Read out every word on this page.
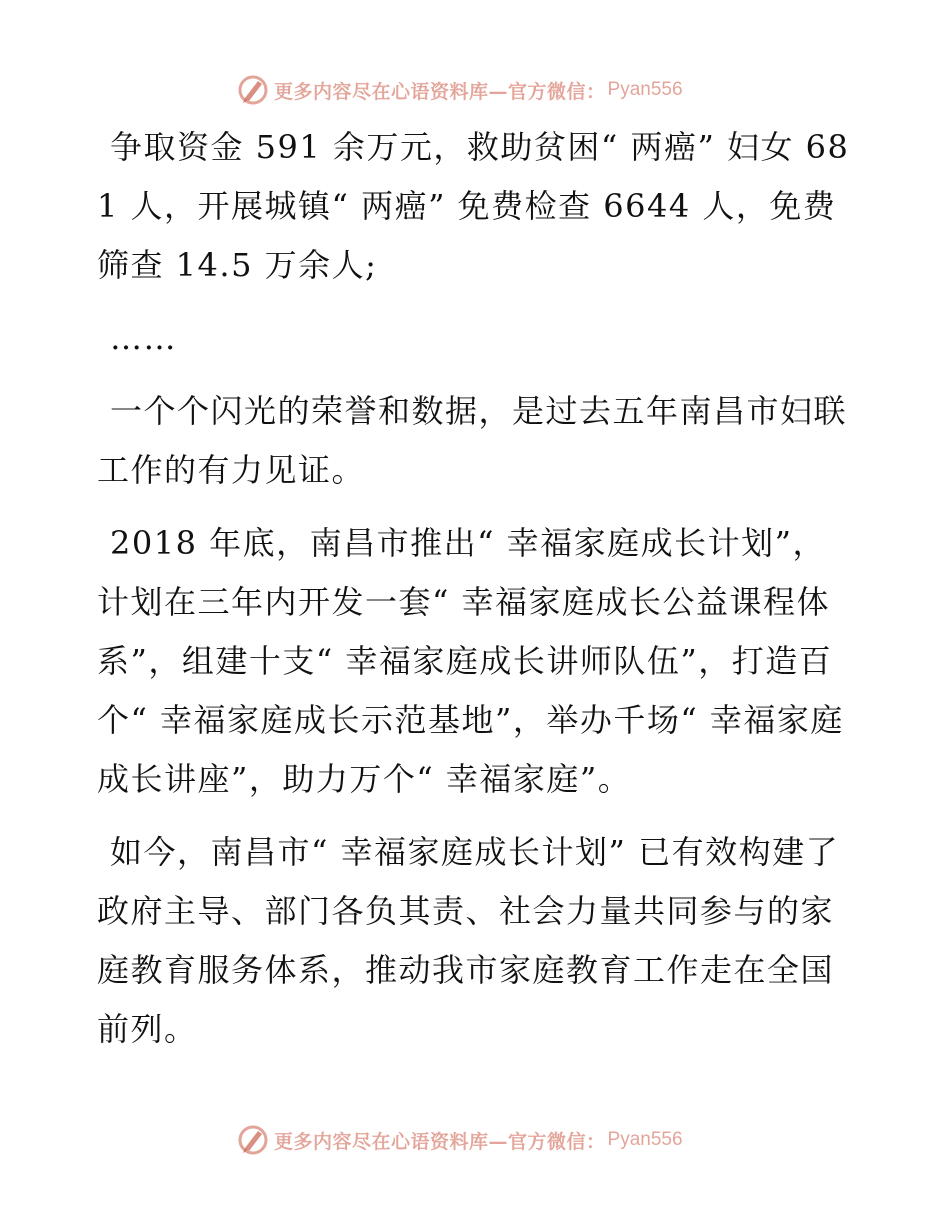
更多内容尽在心语资料库—官方微信： Pyan556

争取资金 591 余万元，救助贫困“ 两癌” 妇女 681 人，开展城镇“ 两癌” 免费检查 6644 人，免费筛查 14.5 万余人;

……

一个个闪光的荣誉和数据，是过去五年南昌市妇联工作的有力见证。

2018 年底，南昌市推出“ 幸福家庭成长计划”，计划在三年内开发一套“ 幸福家庭成长公益课程体系”，组建十支“ 幸福家庭成长讲师队伍”，打造百个“ 幸福家庭成长示范基地”，举办千场“ 幸福家庭成长讲座”，助力万个“ 幸福家庭”。

如今，南昌市“ 幸福家庭成长计划” 已有效构建了政府主导、部门各负其责、社会力量共同参与的家庭教育服务体系，推动我市家庭教育工作走在全国前列。

更多内容尽在心语资料库—官方微信： Pyan556
